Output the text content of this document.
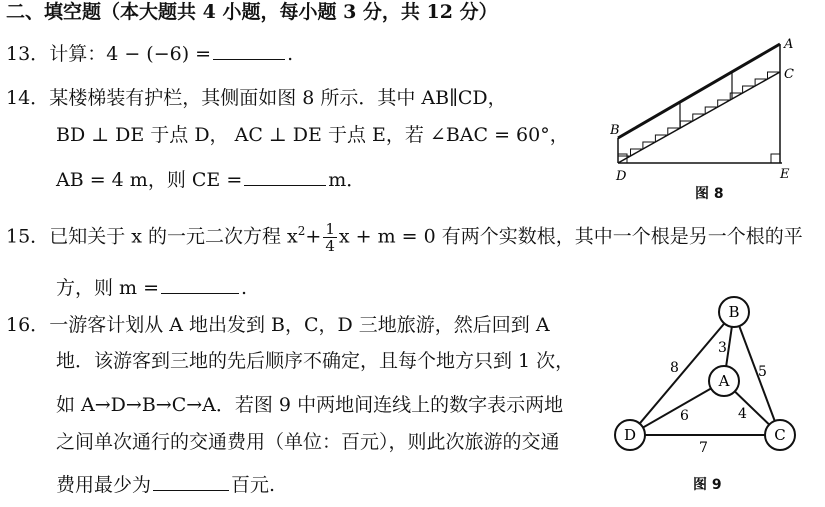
二、填空题（本大题共 4 小题，每小题 3 分，共 12 分）
13．计算：4 − (−6) =	.
14．某楼梯装有护栏，其侧面如图 8 所示．其中 AB∥CD，
BD ⊥ DE 于点 D， AC ⊥ DE 于点 E，若 ∠BAC = 60°，
AB = 4 m，则 CE =	m．
A
C
B
D	E
图 8
15．已知关于 x 的一元二次方程 $x^2+ \frac{1}{4}$ x + m = 0 有两个实数根，其中一个根是另一个根的平
方，则 m =	.
16．一游客计划从 A 地出发到 B，C，D 三地旅游，然后回到 A
地．该游客到三地的先后顺序不确定，且每个地方只到 1 次，
如 A→D→B→C→A．若图 9 中两地间连线上的数字表示两地
之间单次通行的交通费用（单位：百元），则此次旅游的交通
费用最少为	百元.
B
A
D	C
8
3
5
6	4
7
图 9
